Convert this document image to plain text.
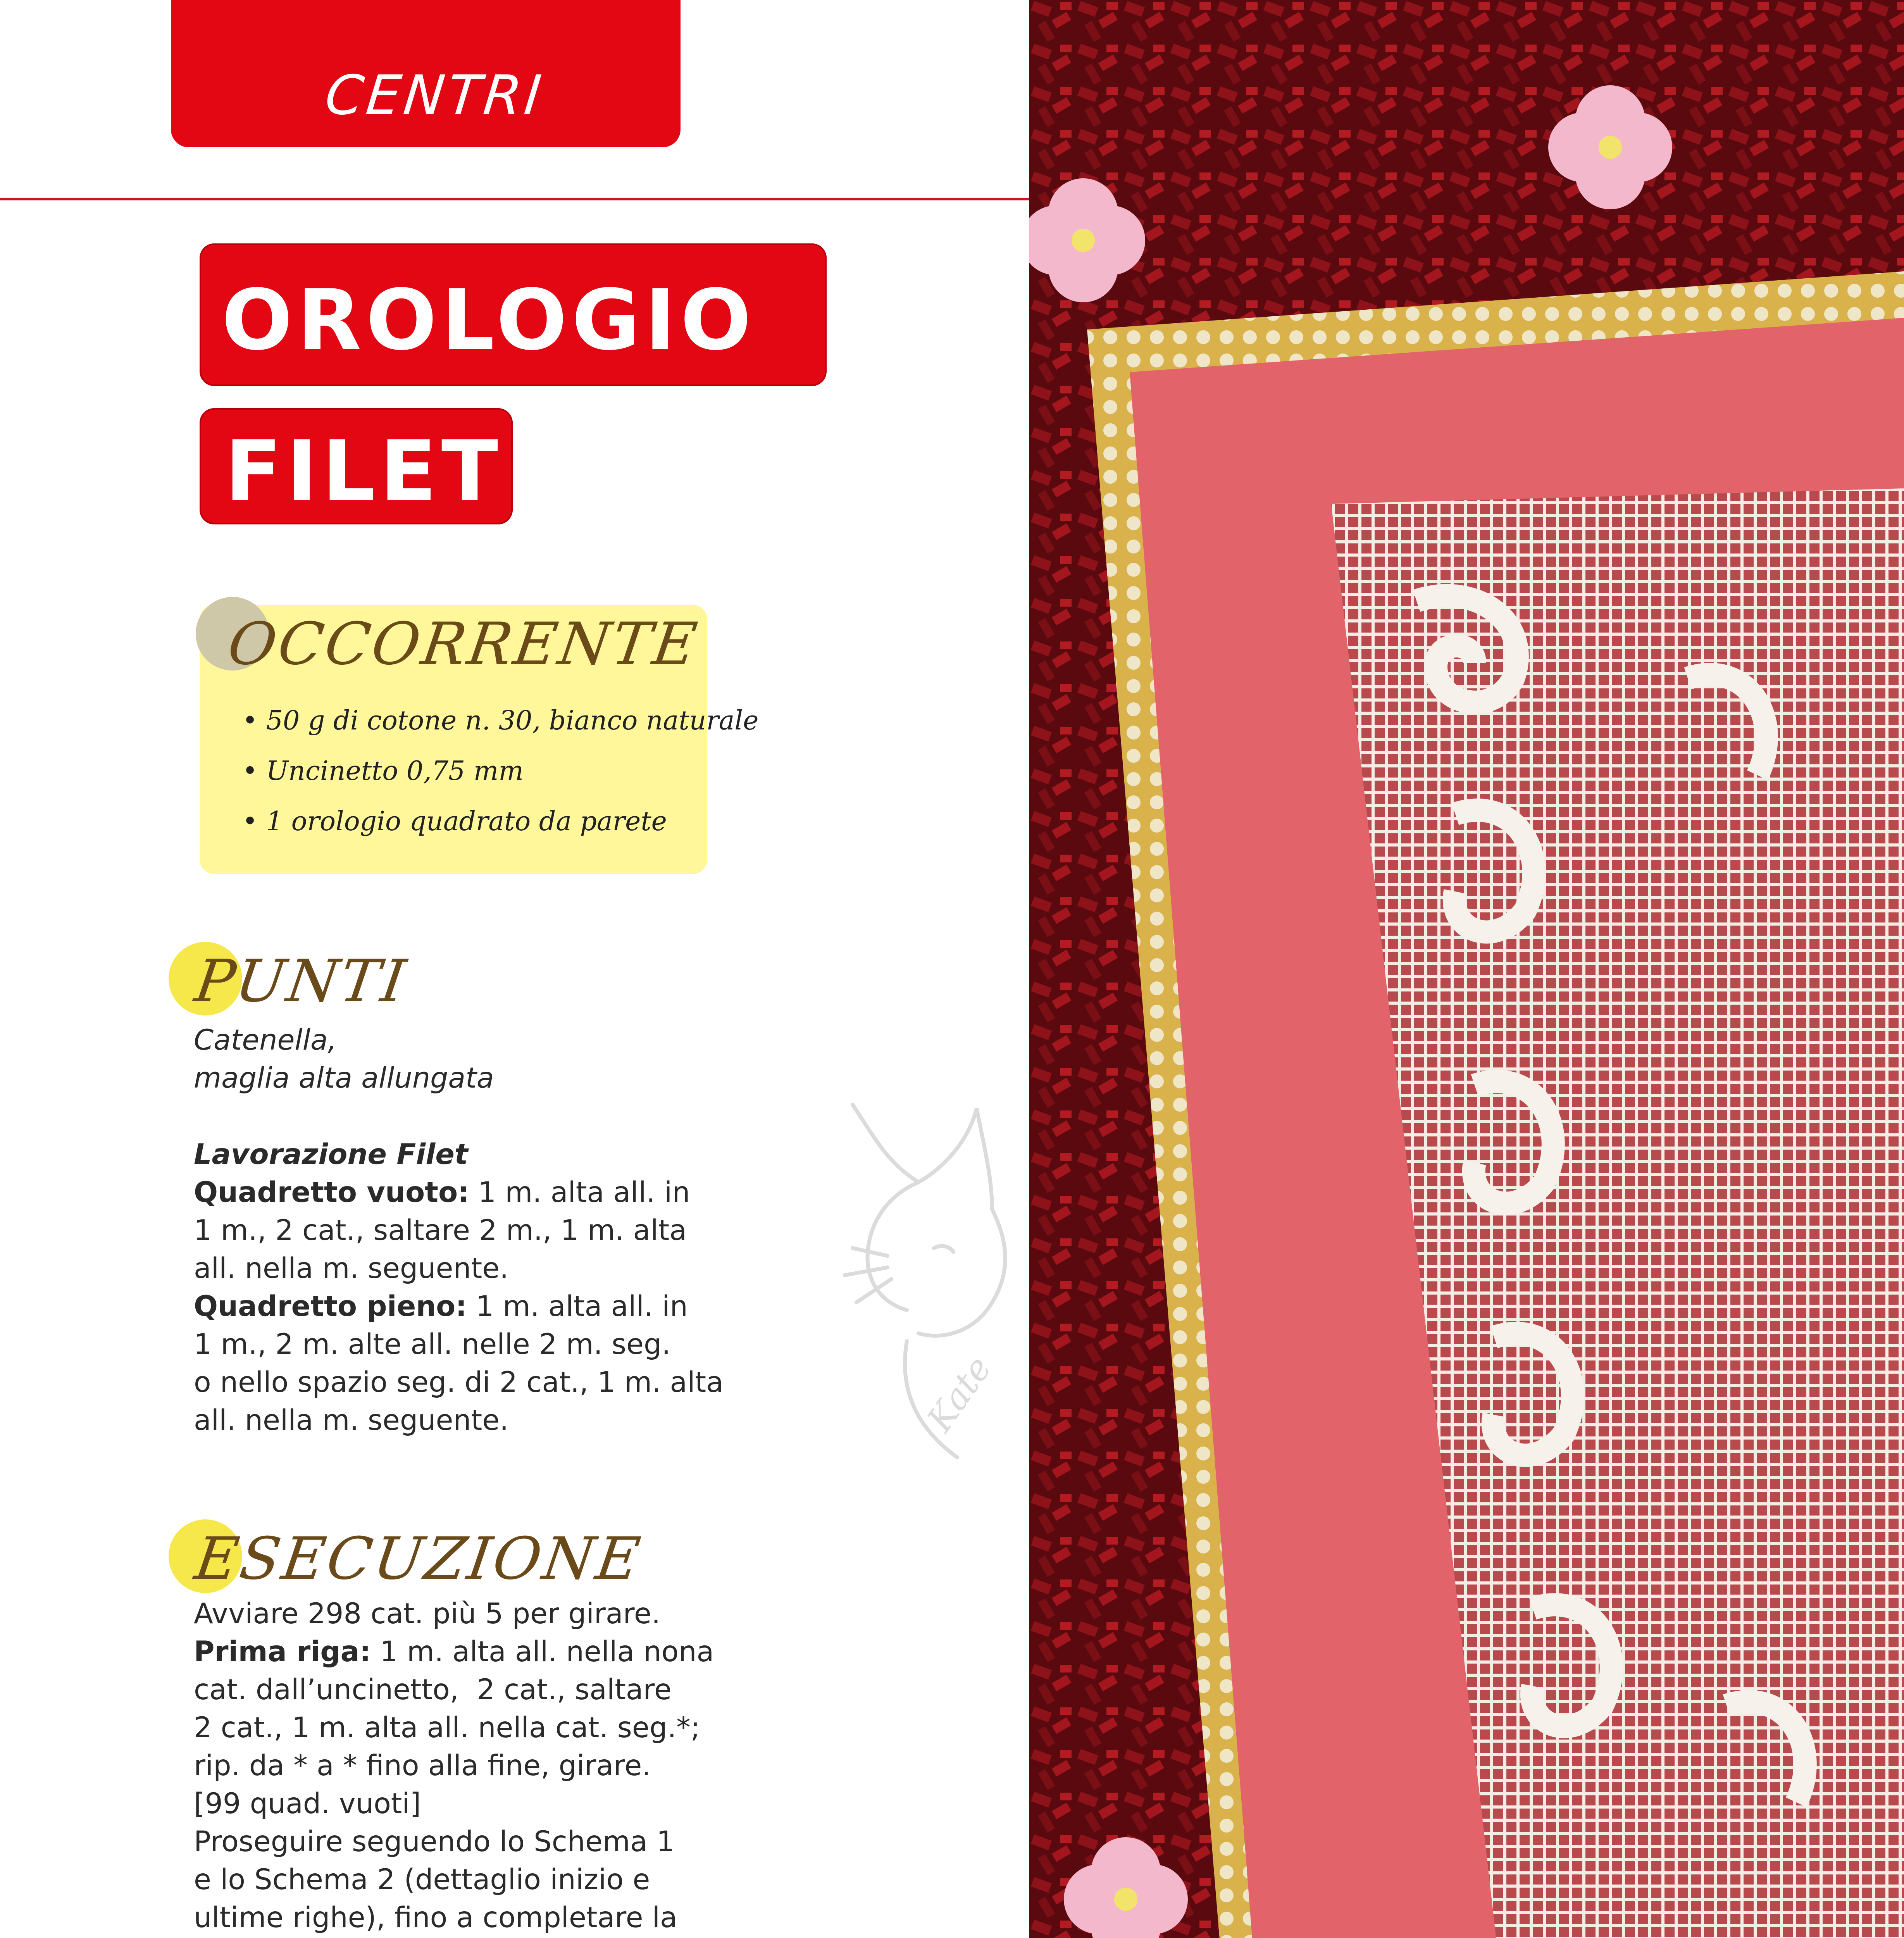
CENTRI
OROLOGIO
FILET
OCCORRENTE
• 50 g di cotone n. 30, bianco naturale
• Uncinetto 0,75 mm
• 1 orologio quadrato da parete
PUNTI
Catenella,
maglia alta allungata
Lavorazione Filet
Quadretto vuoto: 1 m. alta all. in
1 m., 2 cat., saltare 2 m., 1 m. alta
all. nella m. seguente.
Quadretto pieno: 1 m. alta all. in
1 m., 2 m. alte all. nelle 2 m. seg.
o nello spazio seg. di 2 cat., 1 m. alta
all. nella m. seguente.
ESECUZIONE
Avviare 298 cat. più 5 per girare.
Prima riga: 1 m. alta all. nella nona
cat. dall’uncinetto,  2 cat., saltare
2 cat., 1 m. alta all. nella cat. seg.*;
rip. da * a * fino alla fine, girare.
[99 quad. vuoti]
Proseguire seguendo lo Schema 1
e lo Schema 2 (dettaglio inizio e
ultime righe), fino a completare la

Kate
